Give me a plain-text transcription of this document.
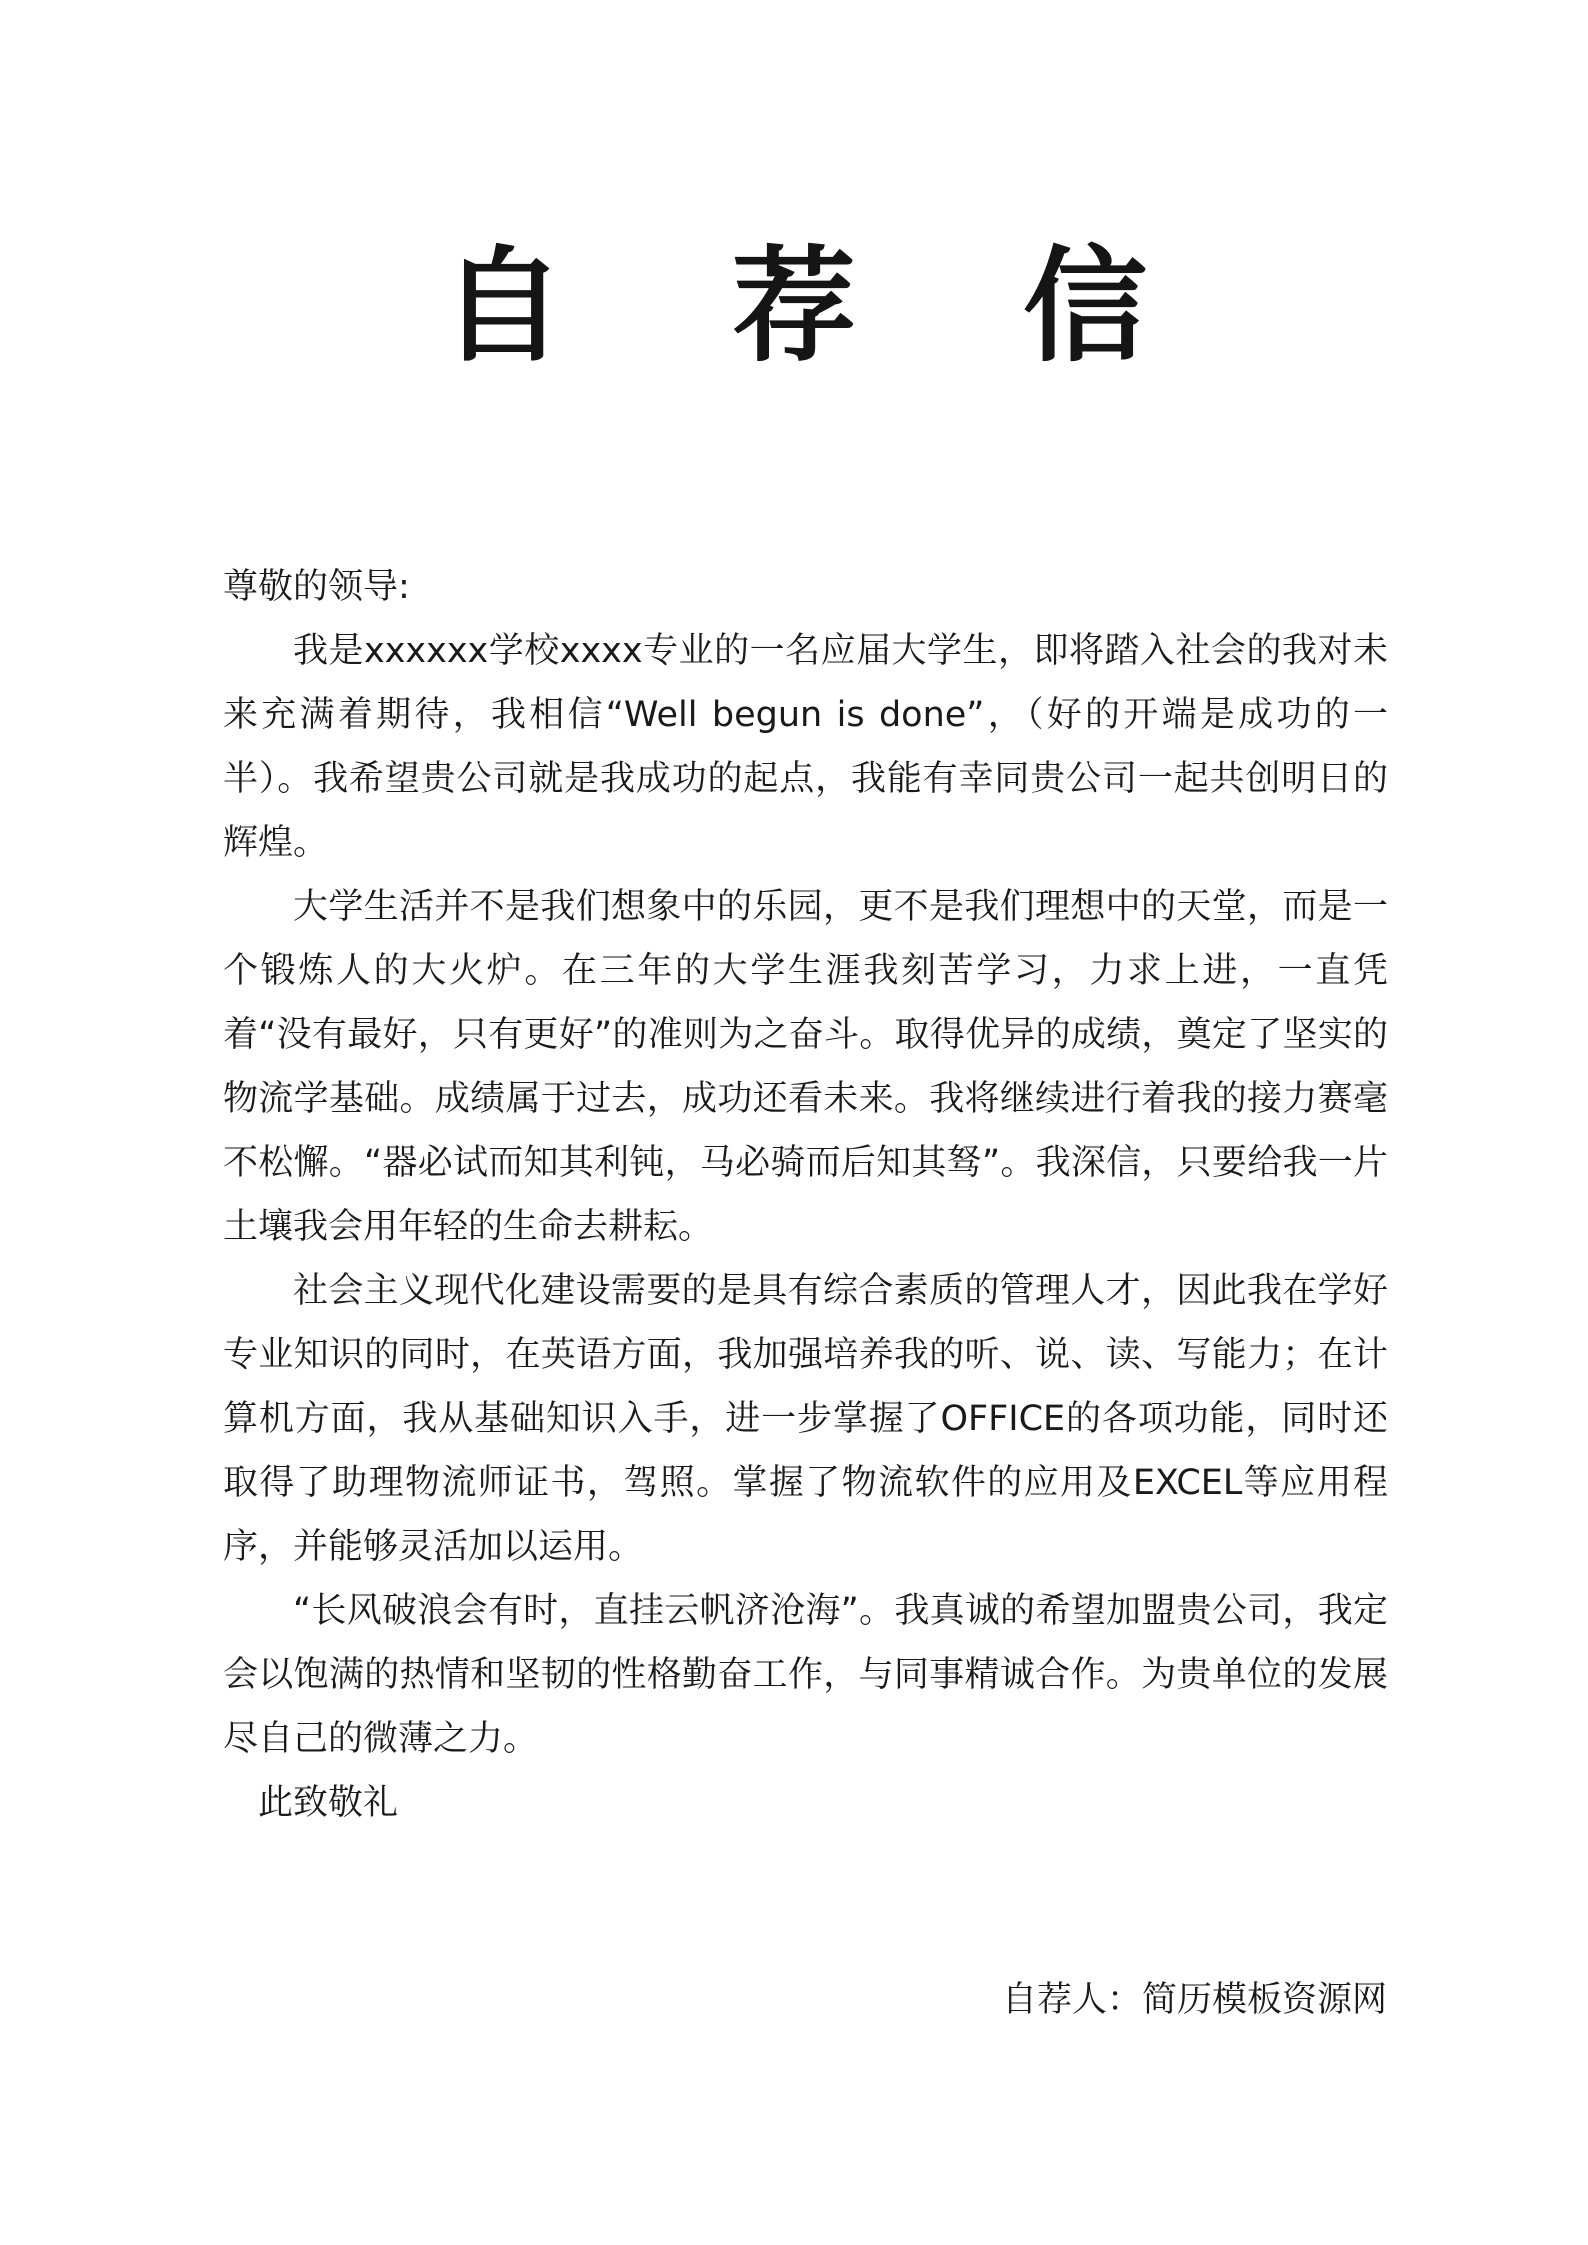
自 荐 信

尊敬的领导:

我是xxxxxx学校xxxx专业的一名应届大学生，即将踏入社会的我对未来充满着期待，我相信“Well begun is done”，（好的开端是成功的一半）。我希望贵公司就是我成功的起点，我能有幸同贵公司一起共创明日的辉煌。

大学生活并不是我们想象中的乐园，更不是我们理想中的天堂，而是一个锻炼人的大火炉。在三年的大学生涯我刻苦学习，力求上进，一直凭着“没有最好，只有更好”的准则为之奋斗。取得优异的成绩，奠定了坚实的物流学基础。成绩属于过去，成功还看未来。我将继续进行着我的接力赛毫不松懈。“器必试而知其利钝，马必骑而后知其驽”。我深信，只要给我一片土壤我会用年轻的生命去耕耘。

社会主义现代化建设需要的是具有综合素质的管理人才，因此我在学好专业知识的同时，在英语方面，我加强培养我的听、说、读、写能力；在计算机方面，我从基础知识入手，进一步掌握了OFFICE的各项功能，同时还取得了助理物流师证书，驾照。掌握了物流软件的应用及EXCEL等应用程序，并能够灵活加以运用。

“长风破浪会有时，直挂云帆济沧海”。我真诚的希望加盟贵公司，我定会以饱满的热情和坚韧的性格勤奋工作，与同事精诚合作。为贵单位的发展尽自己的微薄之力。

此致敬礼

自荐人：简历模板资源网
